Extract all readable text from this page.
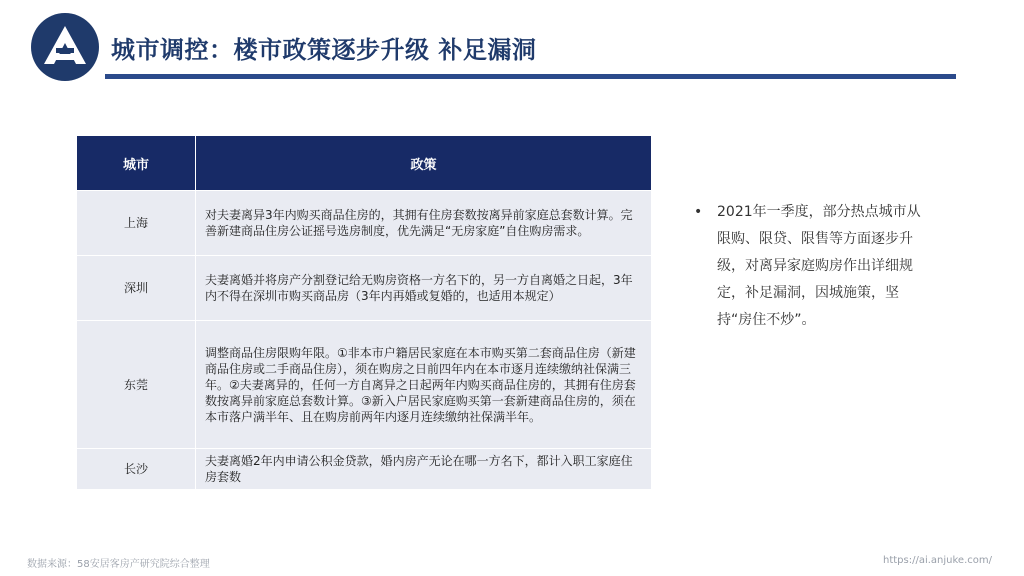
城市调控：楼市政策逐步升级 补足漏洞
城市	政策
上海	对夫妻离异3年内购买商品住房的，其拥有住房套数按离异前家庭总套数计算。完善新建商品住房公证摇号选房制度，优先满足“无房家庭”自住购房需求。
深圳	夫妻离婚并将房产分割登记给无购房资格一方名下的，另一方自离婚之日起，3年内不得在深圳市购买商品房（3年内再婚或复婚的，也适用本规定）
东莞	调整商品住房限购年限。①非本市户籍居民家庭在本市购买第二套商品住房（新建商品住房或二手商品住房），须在购房之日前四年内在本市逐月连续缴纳社保满三年。②夫妻离异的，任何一方自离异之日起两年内购买商品住房的，其拥有住房套数按离异前家庭总套数计算。③新入户居民家庭购买第一套新建商品住房的，须在本市落户满半年、且在购房前两年内逐月连续缴纳社保满半年。
长沙	夫妻离婚2年内申请公积金贷款，婚内房产无论在哪一方名下，都计入职工家庭住房套数
•	2021年一季度，部分热点城市从限购、限贷、限售等方面逐步升级，对离异家庭购房作出详细规定，补足漏洞，因城施策，坚持“房住不炒”。
数据来源：58安居客房产研究院综合整理	https://ai.anjuke.com/
